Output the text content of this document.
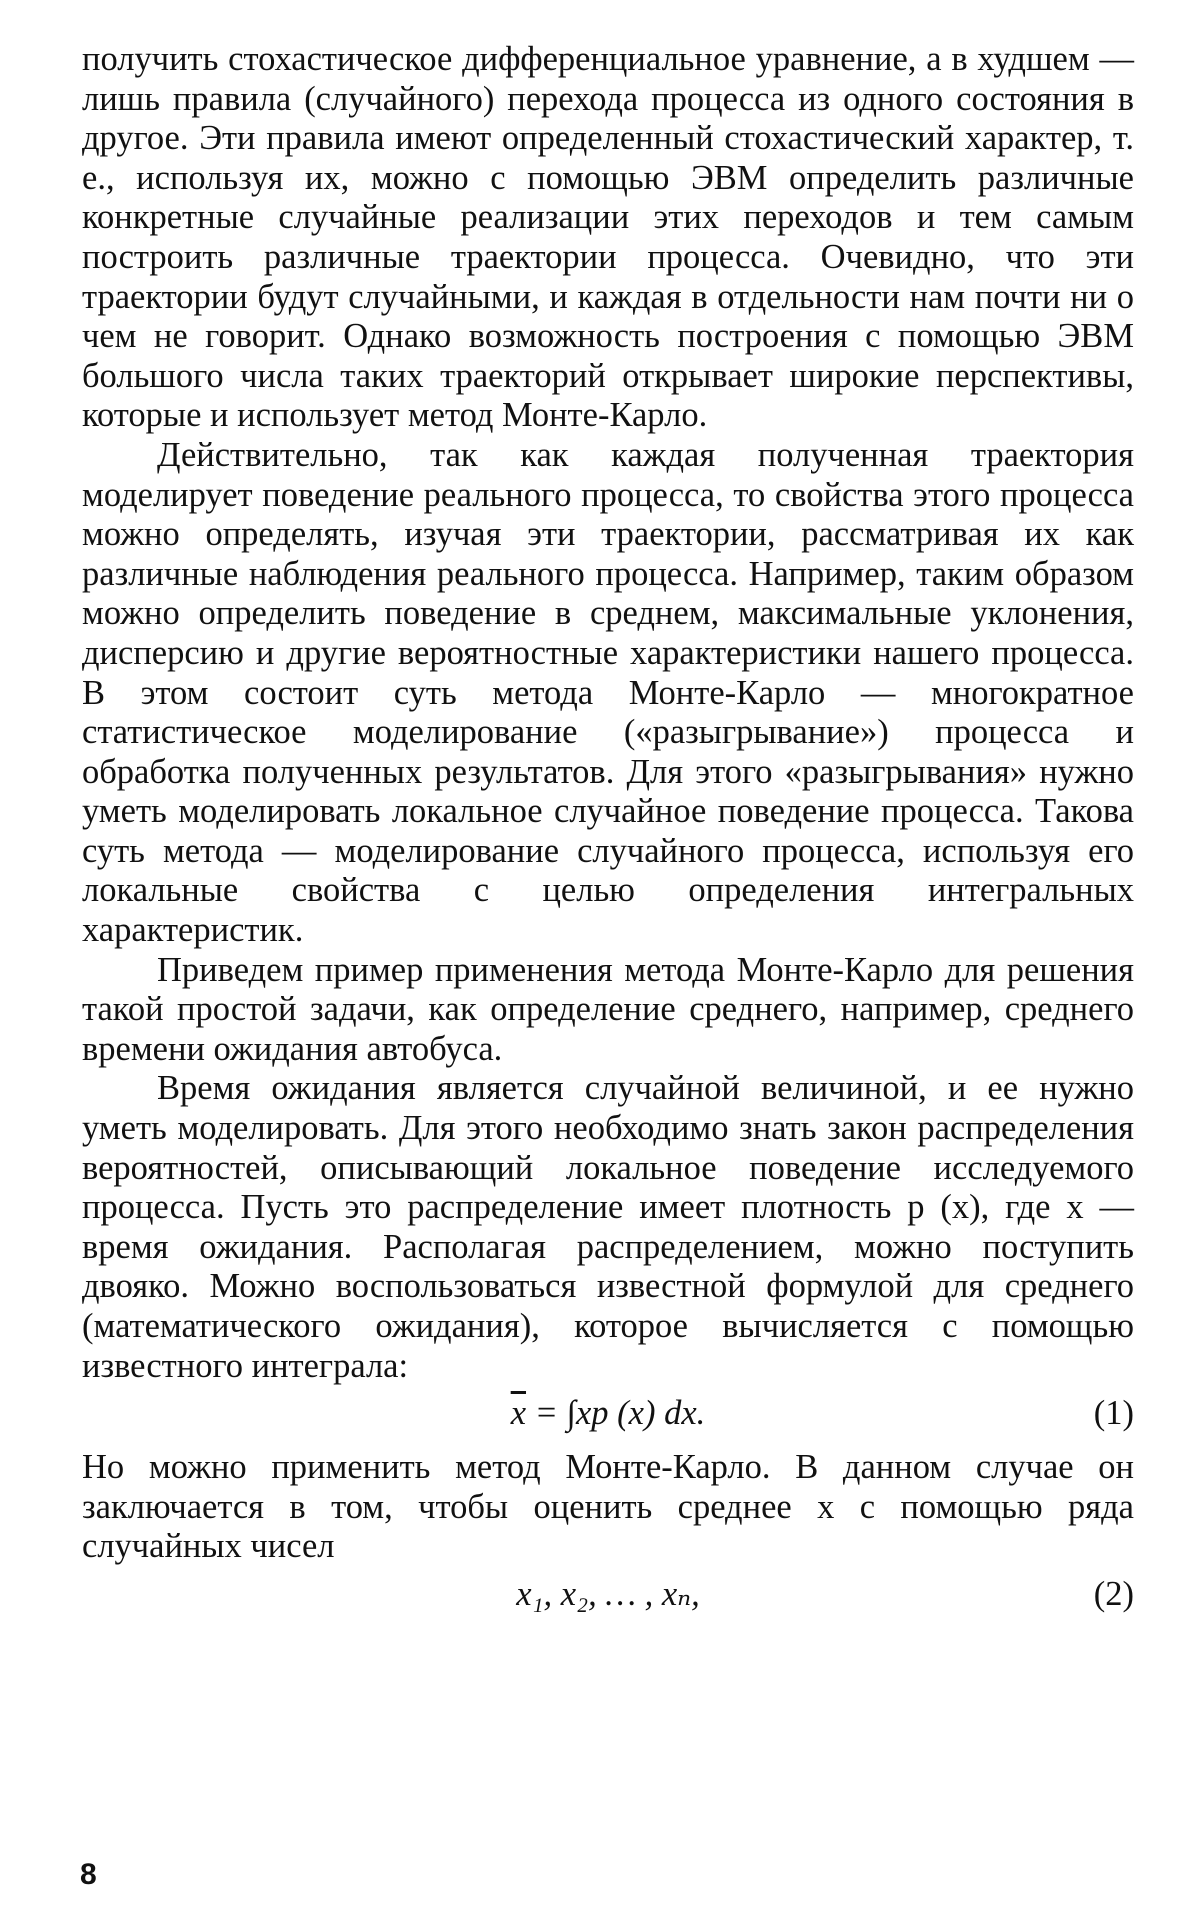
получить стохастическое дифференциальное уравнение, а в худшем — лишь правила (случайного) перехода процесса из одного состояния в другое. Эти правила имеют определенный стохастический характер, т. е., используя их, можно с помощью ЭВМ определить различные конкретные случайные реализации этих переходов и тем самым построить различные траектории процесса. Очевидно, что эти траектории будут случайными, и каждая в отдельности нам почти ни о чем не говорит. Однако возможность построения с помощью ЭВМ большого числа таких траекторий открывает широкие перспективы, которые и использует метод Монте-Карло.

Действительно, так как каждая полученная траектория моделирует поведение реального процесса, то свойства этого процесса можно определять, изучая эти траектории, рассматривая их как различные наблюдения реального процесса. Например, таким образом можно определить поведение в среднем, максимальные уклонения, дисперсию и другие вероятностные характеристики нашего процесса. В этом состоит суть метода Монте-Карло — многократное статистическое моделирование («разыгрывание») процесса и обработка полученных результатов. Для этого «разыгрывания» нужно уметь моделировать локальное случайное поведение процесса. Такова суть метода — моделирование случайного процесса, используя его локальные свойства с целью определения интегральных характеристик.

Приведем пример применения метода Монте-Карло для решения такой простой задачи, как определение среднего, например, среднего времени ожидания автобуса.

Время ожидания является случайной величиной, и ее нужно уметь моделировать. Для этого необходимо знать закон распределения вероятностей, описывающий локальное поведение исследуемого процесса. Пусть это распределение имеет плотность p (x), где x — время ожидания. Располагая распределением, можно поступить двояко. Можно воспользоваться известной формулой для среднего (математического ожидания), которое вычисляется с помощью известного интеграла:

$\overline{x} = \int xp$ (x) dx.	(1)

Но можно применить метод Монте-Карло. В данном случае он заключается в том, чтобы оценить среднее x с помощью ряда случайных чисел

x₁, x₂, … , xₙ,	(2)
8
